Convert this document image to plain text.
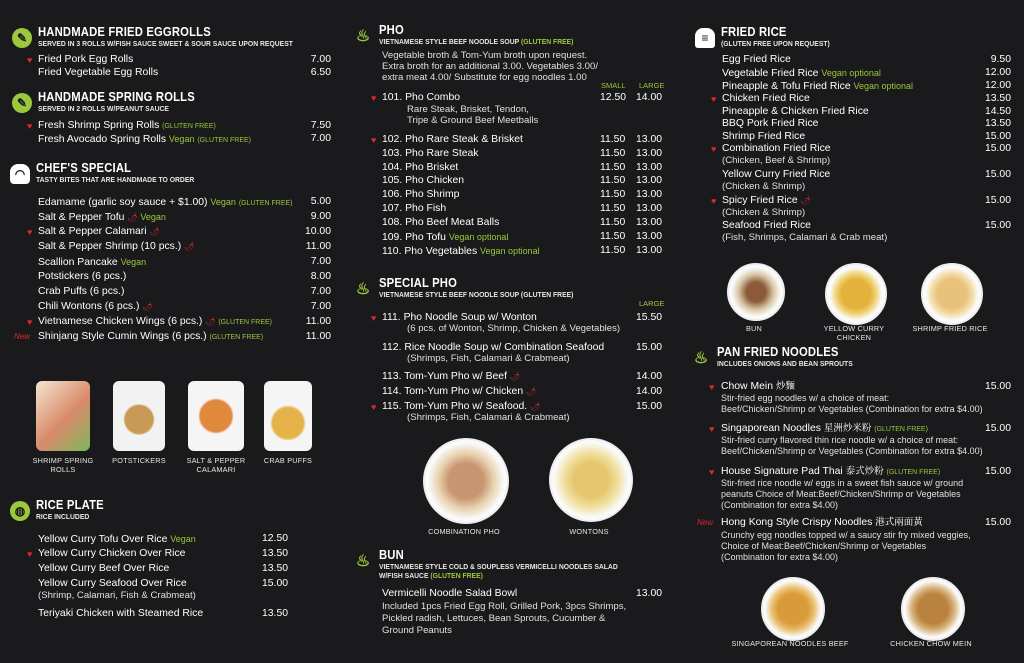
✎ HANDMADE FRIED EGGROLLS
SERVED IN 3 ROLLS W/FISH SAUCE SWEET & SOUR SAUCE UPON REQUEST
♥ Fried Pork Egg Rolls	7.00
Fried Vegetable Egg Rolls	6.50
✎ HANDMADE SPRING ROLLS
SERVED IN 2 ROLLS W/PEANUT SAUCE
♥ Fresh Shrimp Spring Rolls (GLUTEN FREE)	7.50
Fresh Avocado Spring Rolls Vegan (GLUTEN FREE)	7.00
◠ CHEF'S SPECIAL
TASTY BITES THAT ARE HANDMADE TO ORDER
Edamame (garlic soy sauce + $1.00) Vegan (GLUTEN FREE) 5.00
Salt & Pepper Tofu 🌶 Vegan	9.00
♥ Salt & Pepper Calamari 🌶	10.00
Salt & Pepper Shrimp (10 pcs.) 🌶	11.00
Scallion Pancake Vegan	7.00
Potstickers (6 pcs.)	8.00
Crab Puffs (6 pcs.)	7.00
Chili Wontons (6 pcs.) 🌶	7.00
♥ Vietnamese Chicken Wings (6 pcs.) 🌶 (GLUTEN FREE)	11.00
New Shinjang Style Cumin Wings (6 pcs.) (GLUTEN FREE)	11.00
SHRIMP SPRING ROLLS
POTSTICKERS	SALT & PEPPER CALAMARI
CRAB PUFFS
◍ RICE PLATE
RICE INCLUDED
Yellow Curry Tofu Over Rice Vegan	12.50
♥ Yellow Curry Chicken Over Rice	13.50
Yellow Curry Beef Over Rice	13.50
Yellow Curry Seafood Over Rice	15.00
(Shrimp, Calamari, Fish & Crabmeat)
Teriyaki Chicken with Steamed Rice	13.50
♨ PHO
VIETNAMESE STYLE BEEF NOODLE SOUP (GLUTEN FREE)
Vegetable broth & Tom-Yum broth upon request.
Extra broth for an additional 3.00. Vegetables 3.00/
extra meat 4.00/ Substitute for egg noodles 1.00
SMALL LARGE
♥ 101. Pho Combo	12.50 14.00
Rare Steak, Brisket, Tendon,
Tripe & Ground Beef Meetballs
♥ 102. Pho Rare Steak & Brisket	11.50 13.00
103. Pho Rare Steak	11.50 13.00
104. Pho Brisket	11.50 13.00
105. Pho Chicken	11.50 13.00
106. Pho Shrimp	11.50 13.00
107. Pho Fish	11.50 13.00
108. Pho Beef Meat Balls	11.50 13.00
109. Pho Tofu Vegan optional	11.50 13.00
110. Pho Vegetables Vegan optional	11.50 13.00
♨ SPECIAL PHO
VIETNAMESE STYLE BEEF NOODLE SOUP (GLUTEN FREE)
LARGE
♥ 111. Pho Noodle Soup w/ Wonton	15.50
(6 pcs. of Wonton, Shrimp, Chicken & Vegetables)
112. Rice Noodle Soup w/ Combination Seafood	15.00
(Shrimps, Fish, Calamari & Crabmeat)
113. Tom-Yum Pho w/ Beef 🌶	14.00
114. Tom-Yum Pho w/ Chicken 🌶	14.00
♥ 115. Tom-Yum Pho w/ Seafood. 🌶	15.00
(Shrimps, Fish, Calamari & Crabmeat)
COMBINATION PHO	WONTONS
♨ BUN
VIETNAMESE STYLE COLD & SOUPLESS VERMICELLI NOODLES SALAD
W/FISH SAUCE (GLUTEN FREE)
Vermicelli Noodle Salad Bowl	13.00
Included 1pcs Fried Egg Roll, Grilled Pork, 3pcs Shrimps,
Pickled radish, Lettuces, Bean Sprouts, Cucumber &
Ground Peanuts
≡	FRIED RICE
(GLUTEN FREE UPON REQUEST)
Egg Fried Rice	9.50
Vegetable Fried Rice Vegan optional	12.00
Pineapple & Tofu Fried Rice Vegan optional	12.00
♥ Chicken Fried Rice	13.50
Pineapple & Chicken Fried Rice	14.50
BBQ Pork Fried Rice	13.50
Shrimp Fried Rice	15.00
♥ Combination Fried Rice	15.00
(Chicken, Beef & Shrimp)
Yellow Curry Fried Rice	15.00
(Chicken & Shrimp)
♥ Spicy Fried Rice 🌶	15.00
(Chicken & Shrimp)
Seafood Fried Rice	15.00
(Fish, Shrimps, Calamari & Crab meat)
BUN	YELLOW CURRY CHICKEN
SHRIMP FRIED RICE
♨ PAN FRIED NOODLES
INCLUDES ONIONS AND BEAN SPROUTS
♥ Chow Mein 炒麵	15.00
Stir-fried egg noodles w/ a choice of meat:
Beef/Chicken/Shrimp or Vegetables (Combination for extra $4.00)
♥ Singaporean Noodles 星洲炒米粉 (GLUTEN FREE)	15.00
Stir-fried curry flavored thin rice noodle w/ a choice of meat:
Beef/Chicken/Shrimp or Vegetables (Combination for extra $4.00)
♥ House Signature Pad Thai 泰式炒粉 (GLUTEN FREE)	15.00
Stir-fried rice noodle w/ eggs in a sweet fish sauce w/ ground
peanuts Choice of Meat:Beef/Chicken/Shrimp or Vegetables
(Combination for extra $4.00)
New Hong Kong Style Crispy Noodles 港式兩面黃	15.00
Crunchy egg noodles topped w/ a saucy stir fry mixed veggies,
Choice of Meat:Beef/Chicken/Shrimp or Vegetables
(Combination for extra $4.00)
SINGAPOREAN NOODLES BEEF	CHICKEN CHOW MEIN
